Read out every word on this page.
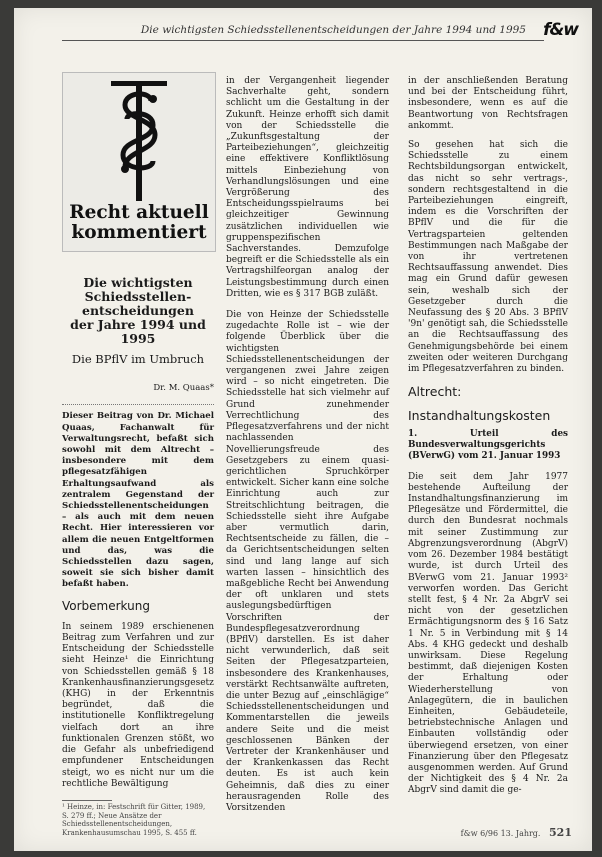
Die wichtigsten Schiedsstellenentscheidungen der Jahre 1994 und 1995 f&w
Recht aktuell
kommentiert

Die wichtigsten

Schiedsstellen-

entscheidungen

der Jahre 1994 und 1995

Die BPflV im Umbruch

Dr. M. Quaas*

Dieser Beitrag von Dr. Michael Quaas, Fachanwalt für Verwaltungsrecht, befaßt sich sowohl mit dem Altrecht – insbesondere mit dem pflegesatzfähigen Erhaltungsaufwand als zentralem Gegenstand der Schiedsstellenentscheidungen – als auch mit dem neuen Recht. Hier interessieren vor allem die neuen Entgeltformen und das, was die Schiedsstellen dazu sagen, soweit sie sich bisher damit befaßt haben.

Vorbemerkung

In seinem 1989 erschienenen Beitrag zum Verfahren und zur Entscheidung der Schiedsstelle sieht Heinze¹ die Einrichtung von Schiedsstellen gemäß § 18 Krankenhausfinanzierungsgesetz (KHG) in der Erkenntnis begründet, daß die institutionelle Konfliktregelung vielfach dort an ihre funktionalen Grenzen stößt, wo die Gefahr als unbefriedigend empfundener Entscheidungen steigt, wo es nicht nur um die rechtliche Bewältigung

¹ Heinze, in: Festschrift für Gitter, 1989, S. 279 ff.; Neue Ansätze der Schiedsstellenentscheidungen, Krankenhausumschau 1995, S. 455 ff.

in der Vergangenheit liegender Sachverhalte geht, sondern schlicht um die Gestaltung in der Zukunft. Heinze erhofft sich damit von der Schiedsstelle die „Zukunftsgestaltung der Parteibeziehungen“, gleichzeitig eine effektivere Konfliktlösung mittels Einbeziehung von Verhandlungslösungen und eine Vergrößerung des Entscheidungsspielraums bei gleichzeitiger Gewinnung zusätzlichen individuellen wie gruppenspezifischen Sachverstandes. Demzufolge begreift er die Schiedsstelle als ein Vertragshilfeorgan analog der Leistungsbestimmung durch einen Dritten, wie es § 317 BGB zuläßt.

Die von Heinze der Schiedsstelle zugedachte Rolle ist – wie der folgende Überblick über die wichtigsten Schiedsstellenentscheidungen der vergangenen zwei Jahre zeigen wird – so nicht eingetreten. Die Schiedsstelle hat sich vielmehr auf Grund zunehmender Verrechtlichung des Pflegesatzverfahrens und der nicht nachlassenden Novellierungsfreude des Gesetzgebers zu einem quasi-gerichtlichen Spruchkörper entwickelt. Sicher kann eine solche Einrichtung auch zur Streitschlichtung beitragen, die Schiedsstelle sieht ihre Aufgabe aber vermutlich darin, Rechtsentscheide zu fällen, die – da Gerichtsentscheidungen selten sind und lang lange auf sich warten lassen – hinsichtlich des maßgebliche Recht bei Anwendung der oft unklaren und stets auslegungsbedürftigen Vorschriften der Bundespflegesatzverordnung (BPflV) darstellen. Es ist daher nicht verwunderlich, daß seit Seiten der Pflegesatzparteien, insbesondere des Krankenhauses, verstärkt Rechtsanwälte auftreten, die unter Bezug auf „einschlägige“ Schiedsstellenentscheidungen und Kommentarstellen die jeweils andere Seite und die meist geschlossenen Bänken der Vertreter der Krankenhäuser und der Krankenkassen das Recht deuten. Es ist auch kein Geheimnis, daß dies zu einer herausragenden Rolle des Vorsitzenden

in der anschließenden Beratung und bei der Entscheidung führt, insbesondere, wenn es auf die Beantwortung von Rechtsfragen ankommt.

So gesehen hat sich die Schiedsstelle zu einem Rechtsbildungsorgan entwickelt, das nicht so sehr vertrags-, sondern rechtsgestaltend in die Parteibeziehungen eingreift, indem es die Vorschriften der BPflV und die für die Vertragsparteien geltenden Bestimmungen nach Maßgabe der von ihr vertretenen Rechtsauffassung anwendet. Dies mag ein Grund dafür gewesen sein, weshalb sich der Gesetzgeber durch die Neufassung des § 20 Abs. 3 BPflV '9n' genötigt sah, die Schiedsstelle an die Rechtsauffassung des Genehmigungsbehörde bei einem zweiten oder weiteren Durchgang im Pflegesatzverfahren zu binden.

Altrecht:

Instandhaltungskosten

1. Urteil des Bundesverwaltungsgerichts (BVerwG) vom 21. Januar 1993

Die seit dem Jahr 1977 bestehende Aufteilung der Instandhaltungsfinanzierung im Pflegesätze und Fördermittel, die durch den Bundesrat nochmals mit seiner Zustimmung zur Abgrenzungsverordnung (AbgrV) vom 26. Dezember 1984 bestätigt wurde, ist durch Urteil des BVerwG vom 21. Januar 1993² verworfen worden. Das Gericht stellt fest, § 4 Nr. 2a AbgrV sei nicht von der gesetzlichen Ermächtigungsnorm des § 16 Satz 1 Nr. 5 in Verbindung mit § 14 Abs. 4 KHG gedeckt und deshalb unwirksam. Diese Regelung bestimmt, daß diejenigen Kosten der Erhaltung oder Wiederherstellung von Anlagegütern, die in baulichen Einheiten, Gebäudeteile, betriebstechnische Anlagen und Einbauten vollständig oder überwiegend ersetzen, von einer Finanzierung über den Pflegesatz ausgenommen werden. Auf Grund der Nichtigkeit des § 4 Nr. 2a AbgrV sind damit die ge-

f&w 6/96 13. Jahrg. 521
